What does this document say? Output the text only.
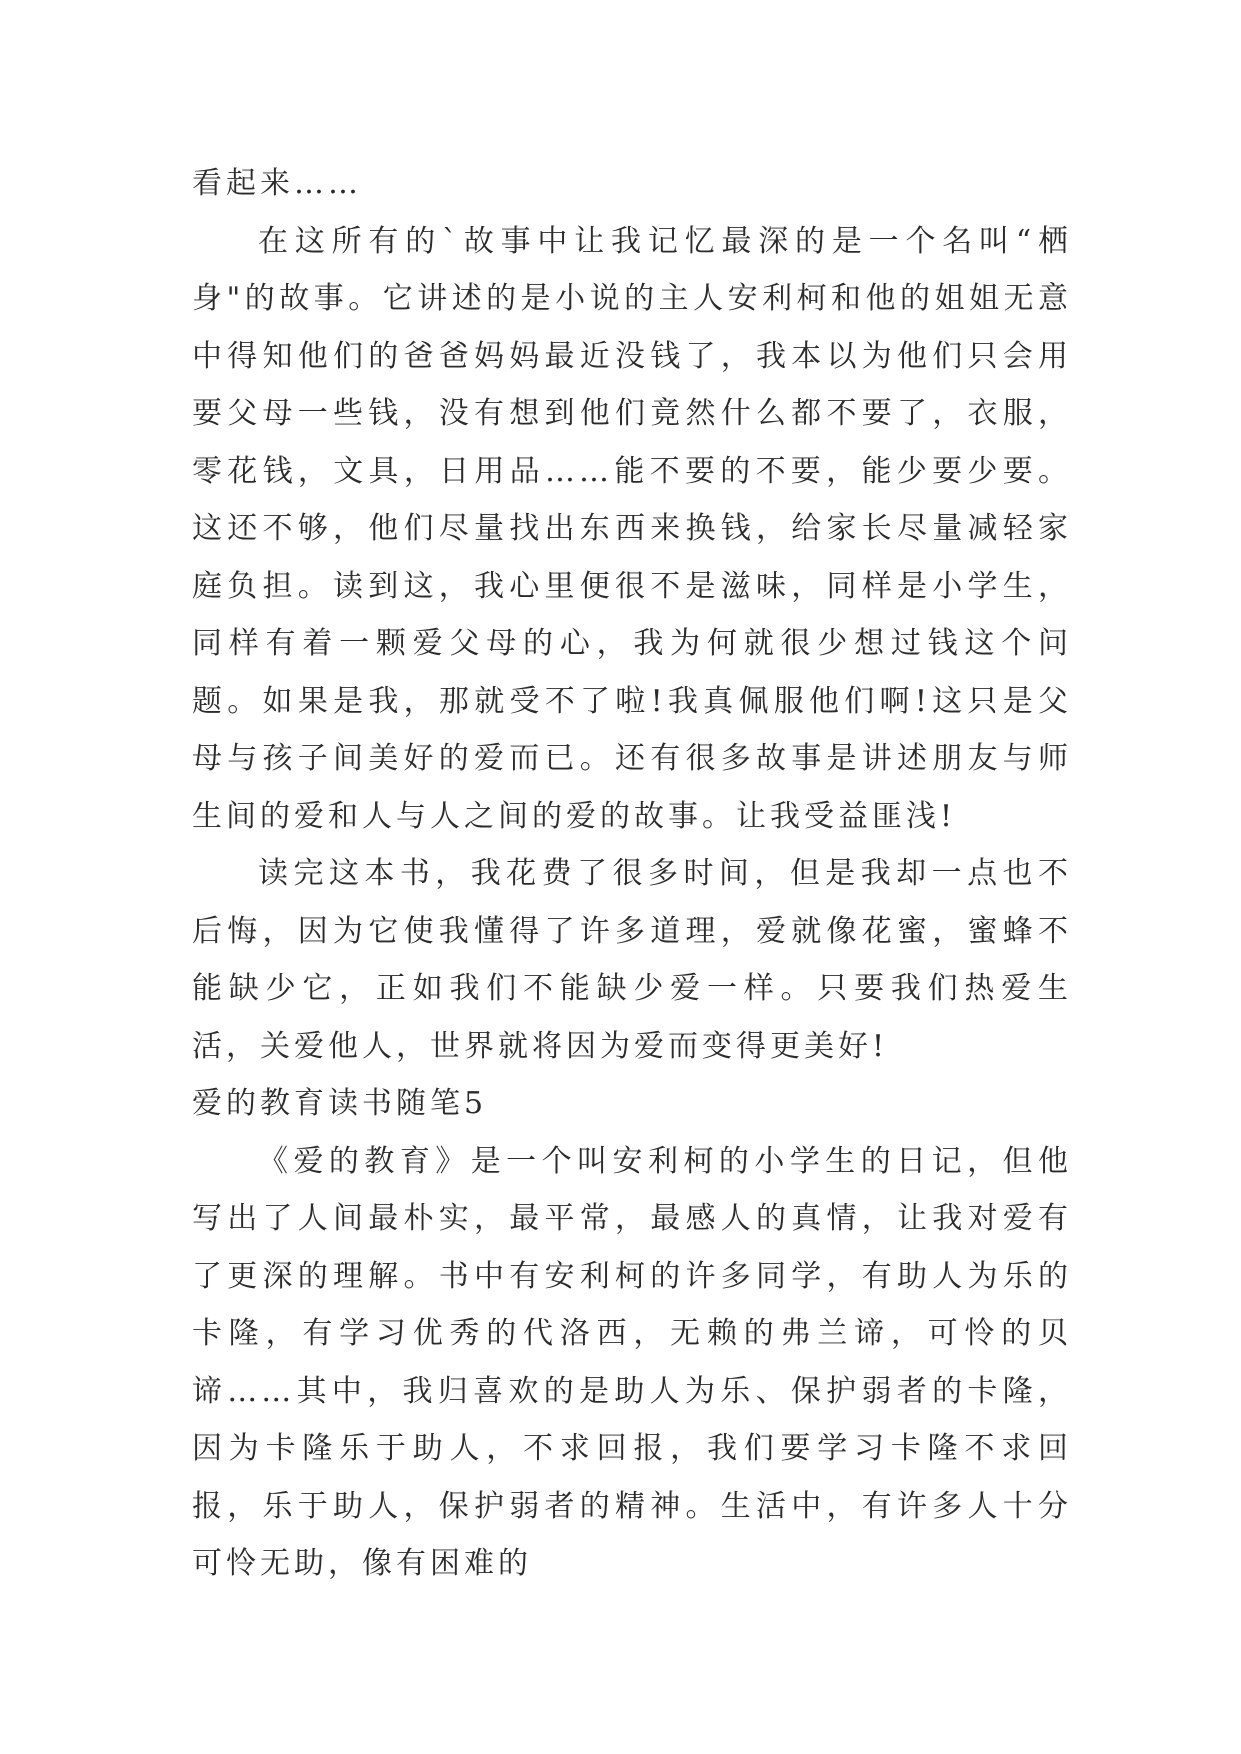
看起来……

在这所有的`故事中让我记忆最深的是一个名叫“栖身"的故事。它讲述的是小说的主人安利柯和他的姐姐无意中得知他们的爸爸妈妈最近没钱了，我本以为他们只会用要父母一些钱，没有想到他们竟然什么都不要了，衣服，零花钱，文具，日用品……能不要的不要，能少要少要。这还不够，他们尽量找出东西来换钱，给家长尽量减轻家庭负担。读到这，我心里便很不是滋味，同样是小学生，同样有着一颗爱父母的心，我为何就很少想过钱这个问题。如果是我，那就受不了啦!我真佩服他们啊!这只是父母与孩子间美好的爱而已。还有很多故事是讲述朋友与师生间的爱和人与人之间的爱的故事。让我受益匪浅!

读完这本书，我花费了很多时间，但是我却一点也不后悔，因为它使我懂得了许多道理，爱就像花蜜，蜜蜂不能缺少它，正如我们不能缺少爱一样。只要我们热爱生活，关爱他人，世界就将因为爱而变得更美好!

爱的教育读书随笔5

《爱的教育》是一个叫安利柯的小学生的日记，但他写出了人间最朴实，最平常，最感人的真情，让我对爱有了更深的理解。书中有安利柯的许多同学，有助人为乐的卡隆，有学习优秀的代洛西，无赖的弗兰谛，可怜的贝谛……其中，我归喜欢的是助人为乐、保护弱者的卡隆，因为卡隆乐于助人，不求回报，我们要学习卡隆不求回报，乐于助人，保护弱者的精神。生活中，有许多人十分可怜无助，像有困难的
